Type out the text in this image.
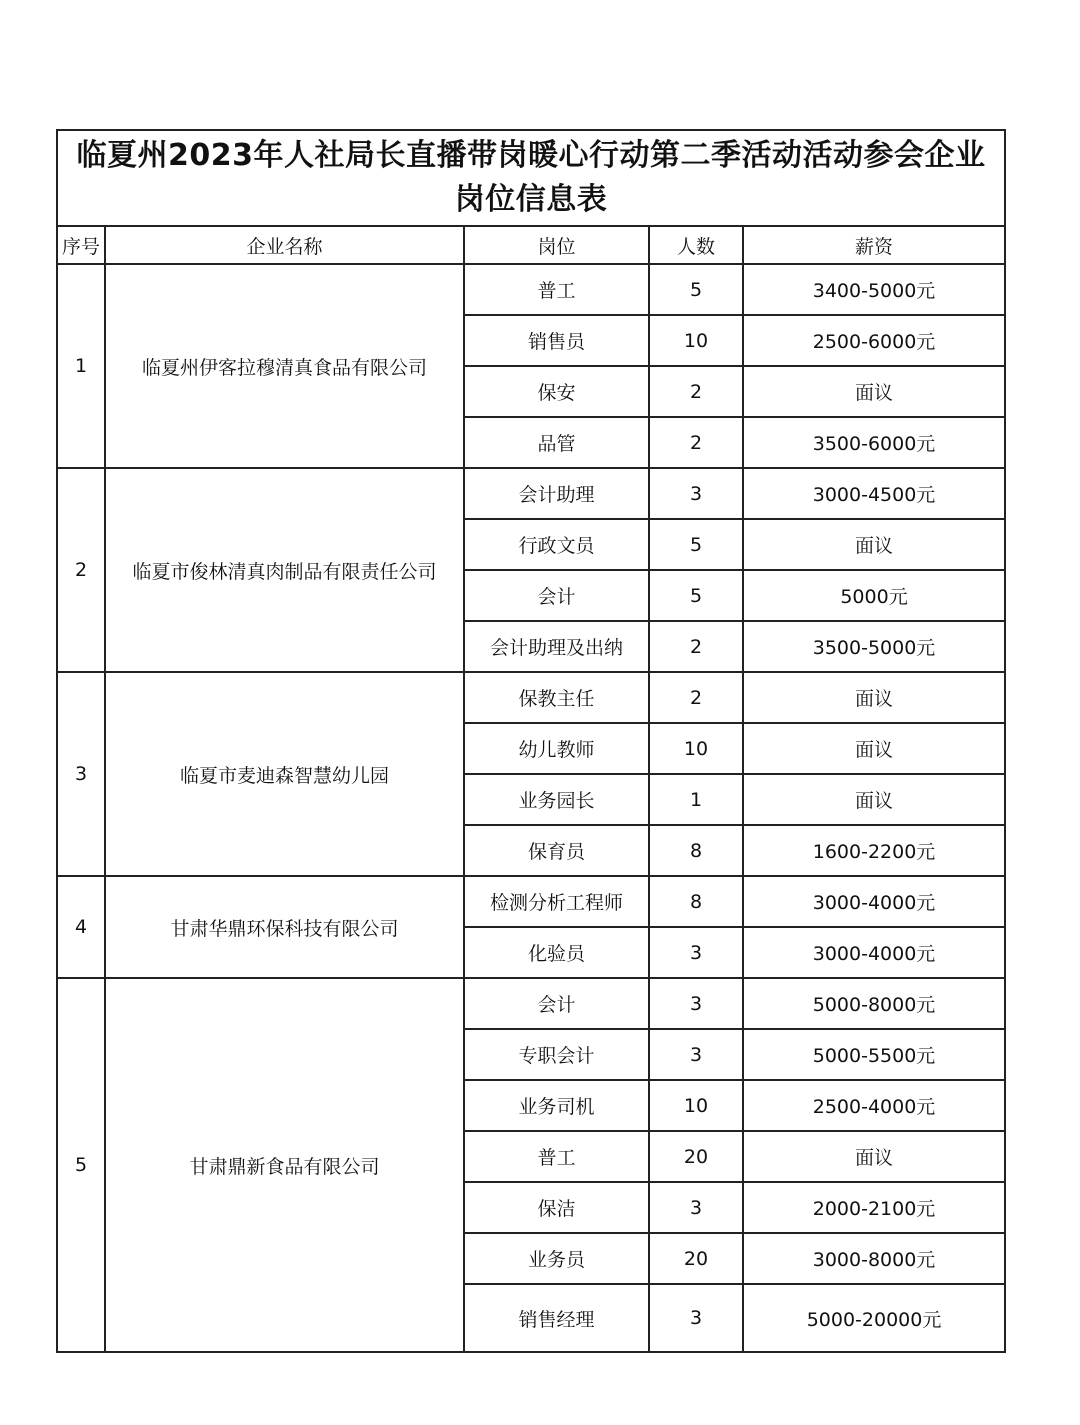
临夏州2023年人社局长直播带岗暖心行动第二季活动活动参会企业岗位信息表				
序号	企业名称	岗位	人数	薪资
1	临夏州伊客拉穆清真食品有限公司	普工	5	3400-5000元
		销售员	10	2500-6000元
		保安	2	面议
		品管	2	3500-6000元
2	临夏市俊林清真肉制品有限责任公司	会计助理	3	3000-4500元
		行政文员	5	面议
		会计	5	5000元
		会计助理及出纳	2	3500-5000元
3	临夏市麦迪森智慧幼儿园	保教主任	2	面议
		幼儿教师	10	面议
		业务园长	1	面议
		保育员	8	1600-2200元
4	甘肃华鼎环保科技有限公司	检测分析工程师	8	3000-4000元
		化验员	3	3000-4000元
5	甘肃鼎新食品有限公司	会计	3	5000-8000元
		专职会计	3	5000-5500元
		业务司机	10	2500-4000元
		普工	20	面议
		保洁	3	2000-2100元
		业务员	20	3000-8000元
		销售经理	3	5000-20000元
